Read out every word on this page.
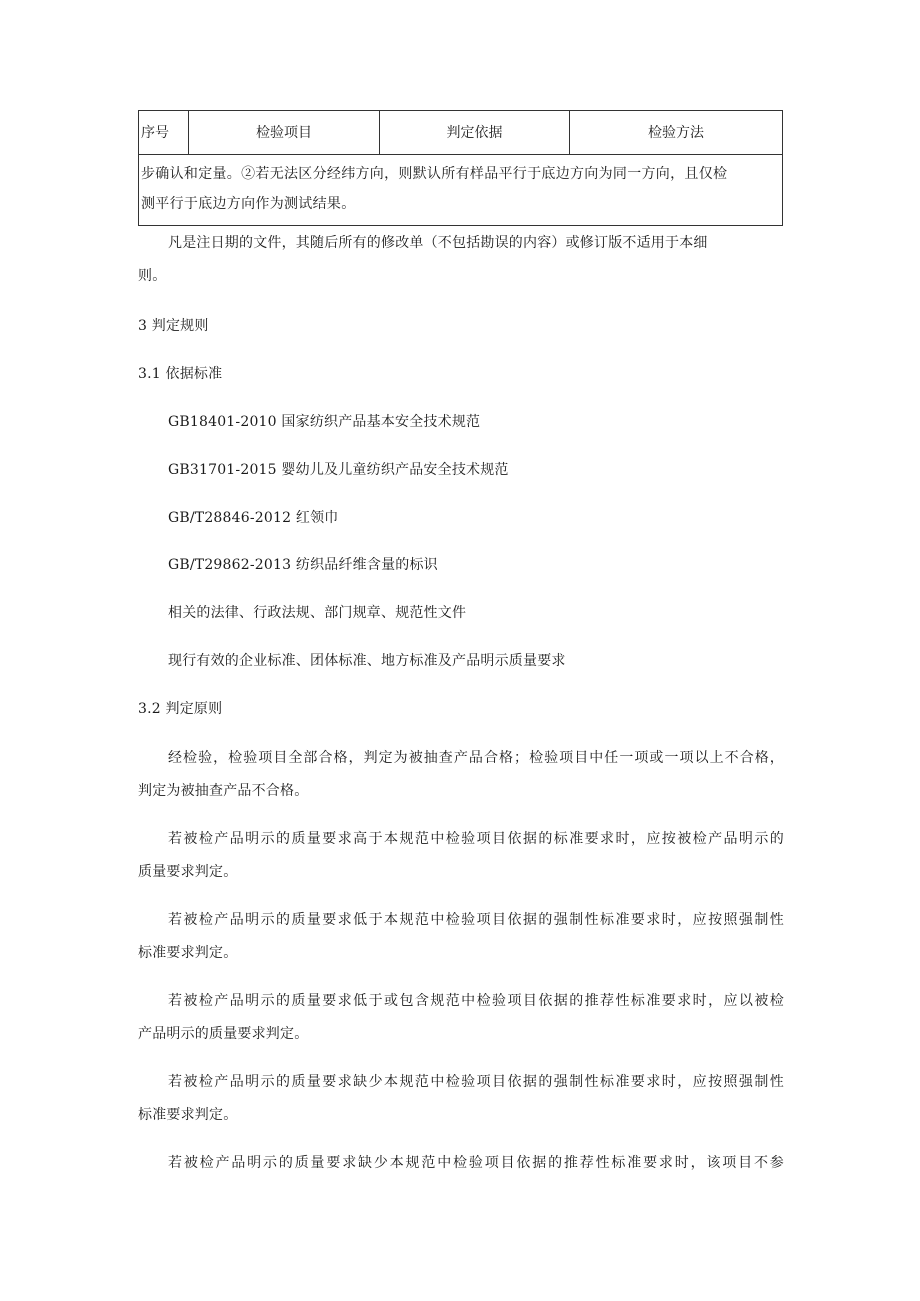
序号	检验项目	判定依据	检验方法

步确认和定量。②若无法区分经纬方向，则默认所有样品平行于底边方向为同一方向，且仅检
测平行于底边方向作为测试结果。
凡是注日期的文件，其随后所有的修改单（不包括勘误的内容）或修订版不适用于本细
则。
3 判定规则
3.1 依据标准
GB18401-2010 国家纺织产品基本安全技术规范
GB31701-2015 婴幼儿及儿童纺织产品安全技术规范
GB/T28846-2012 红领巾
GB/T29862-2013 纺织品纤维含量的标识
相关的法律、行政法规、部门规章、规范性文件
现行有效的企业标准、团体标准、地方标准及产品明示质量要求
3.2 判定原则
经检验，检验项目全部合格，判定为被抽查产品合格；检验项目中任一项或一项以上不合格，
判定为被抽查产品不合格。
若被检产品明示的质量要求高于本规范中检验项目依据的标准要求时，应按被检产品明示的
质量要求判定。
若被检产品明示的质量要求低于本规范中检验项目依据的强制性标准要求时，应按照强制性
标准要求判定。
若被检产品明示的质量要求低于或包含规范中检验项目依据的推荐性标准要求时，应以被检
产品明示的质量要求判定。
若被检产品明示的质量要求缺少本规范中检验项目依据的强制性标准要求时，应按照强制性
标准要求判定。
若被检产品明示的质量要求缺少本规范中检验项目依据的推荐性标准要求时，该项目不参
